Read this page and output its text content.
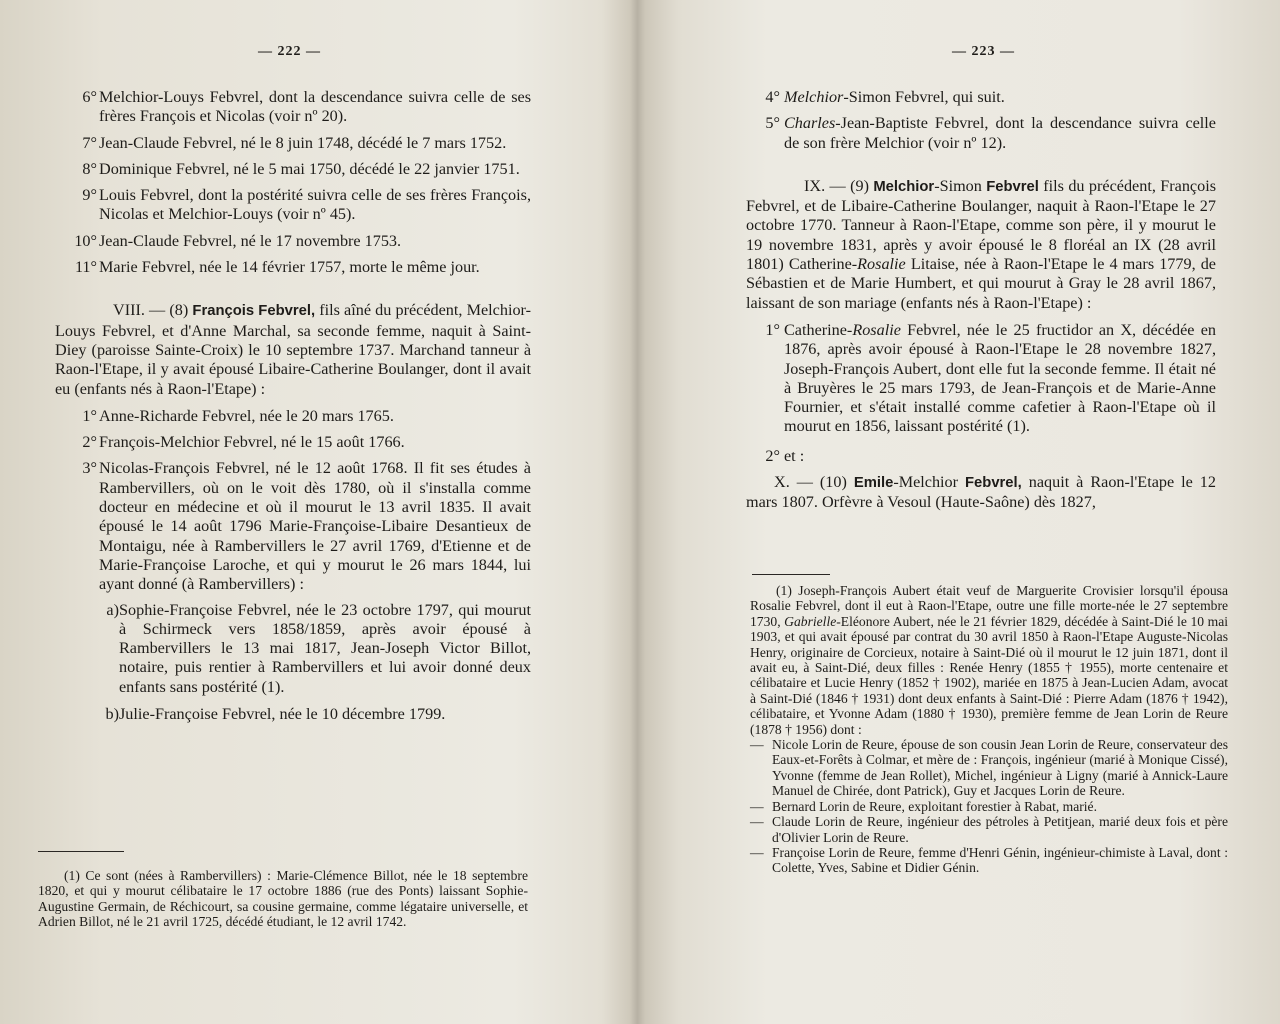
— 222 —
6° Melchior-Louys Febvrel, dont la descendance suivra celle de ses frères François et Nicolas (voir nº 20).
7° Jean-Claude Febvrel, né le 8 juin 1748, décédé le 7 mars 1752.
8° Dominique Febvrel, né le 5 mai 1750, décédé le 22 janvier 1751.
9° Louis Febvrel, dont la postérité suivra celle de ses frères François, Nicolas et Melchior-Louys (voir nº 45).
10° Jean-Claude Febvrel, né le 17 novembre 1753.
11° Marie Febvrel, née le 14 février 1757, morte le même jour.

VIII. — (8) François Febvrel, fils aîné du précédent, Melchior-Louys Febvrel, et d'Anne Marchal, sa seconde femme, naquit à Saint-Diey (paroisse Sainte-Croix) le 10 septembre 1737. Marchand tanneur à Raon-l'Etape, il y avait épousé Libaire-Catherine Boulanger, dont il avait eu (enfants nés à Raon-l'Etape) :

1° Anne-Richarde Febvrel, née le 20 mars 1765.
2° François-Melchior Febvrel, né le 15 août 1766.
3° Nicolas-François Febvrel, né le 12 août 1768. Il fit ses études à Rambervillers, où on le voit dès 1780, où il s'installa comme docteur en médecine et où il mourut le 13 avril 1835. Il avait épousé le 14 août 1796 Marie-Françoise-Libaire Desantieux de Montaigu, née à Rambervillers le 27 avril 1769, d'Etienne et de Marie-Françoise Laroche, et qui y mourut le 26 mars 1844, lui ayant donné (à Rambervillers) :
a) Sophie-Françoise Febvrel, née le 23 octobre 1797, qui mourut à Schirmeck vers 1858/1859, après avoir épousé à Rambervillers le 13 mai 1817, Jean-Joseph Victor Billot, notaire, puis rentier à Rambervillers et lui avoir donné deux enfants sans postérité (1).
b) Julie-Françoise Febvrel, née le 10 décembre 1799.

(1) Ce sont (nées à Rambervillers) : Marie-Clémence Billot, née le 18 septembre 1820, et qui y mourut célibataire le 17 octobre 1886 (rue des Ponts) laissant Sophie-Augustine Germain, de Réchicourt, sa cousine germaine, comme légataire universelle, et Adrien Billot, né le 21 avril 1725, décédé étudiant, le 12 avril 1742.

— 223 —
4° Melchior-Simon Febvrel, qui suit.
5° Charles-Jean-Baptiste Febvrel, dont la descendance suivra celle de son frère Melchior (voir nº 12).

IX. — (9) Melchior-Simon Febvrel fils du précédent, François Febvrel, et de Libaire-Catherine Boulanger, naquit à Raon-l'Etape le 27 octobre 1770. Tanneur à Raon-l'Etape, comme son père, il y mourut le 19 novembre 1831, après y avoir épousé le 8 floréal an IX (28 avril 1801) Catherine-Rosalie Litaise, née à Raon-l'Etape le 4 mars 1779, de Sébastien et de Marie Humbert, et qui mourut à Gray le 28 avril 1867, laissant de son mariage (enfants nés à Raon-l'Etape) :

1° Catherine-Rosalie Febvrel, née le 25 fructidor an X, décédée en 1876, après avoir épousé à Raon-l'Etape le 28 novembre 1827, Joseph-François Aubert, dont elle fut la seconde femme. Il était né à Bruyères le 25 mars 1793, de Jean-François et de Marie-Anne Fournier, et s'était installé comme cafetier à Raon-l'Etape où il mourut en 1856, laissant postérité (1).
2° et :

X. — (10) Emile-Melchior Febvrel, naquit à Raon-l'Etape le 12 mars 1807. Orfèvre à Vesoul (Haute-Saône) dès 1827,

(1) Joseph-François Aubert était veuf de Marguerite Crovisier lorsqu'il épousa Rosalie Febvrel, dont il eut à Raon-l'Etape, outre une fille morte-née le 27 septembre 1730, Gabrielle-Eléonore Aubert, née le 21 février 1829, décédée à Saint-Dié le 10 mai 1903, et qui avait épousé par contrat du 30 avril 1850 à Raon-l'Etape Auguste-Nicolas Henry, originaire de Corcieux, notaire à Saint-Dié où il mourut le 12 juin 1871, dont il avait eu, à Saint-Dié, deux filles : Renée Henry (1855 † 1955), morte centenaire et célibataire et Lucie Henry (1852 † 1902), mariée en 1875 à Jean-Lucien Adam, avocat à Saint-Dié (1846 † 1931) dont deux enfants à Saint-Dié : Pierre Adam (1876 † 1942), célibataire, et Yvonne Adam (1880 † 1930), première femme de Jean Lorin de Reure (1878 † 1956) dont :

— Nicole Lorin de Reure, épouse de son cousin Jean Lorin de Reure, conservateur des Eaux-et-Forêts à Colmar, et mère de : François, ingénieur (marié à Monique Cissé), Yvonne (femme de Jean Rollet), Michel, ingénieur à Ligny (marié à Annick-Laure Manuel de Chirée, dont Patrick), Guy et Jacques Lorin de Reure.

— Bernard Lorin de Reure, exploitant forestier à Rabat, marié.

— Claude Lorin de Reure, ingénieur des pétroles à Petitjean, marié deux fois et père d'Olivier Lorin de Reure.

— Françoise Lorin de Reure, femme d'Henri Génin, ingénieur-chimiste à Laval, dont : Colette, Yves, Sabine et Didier Génin.
